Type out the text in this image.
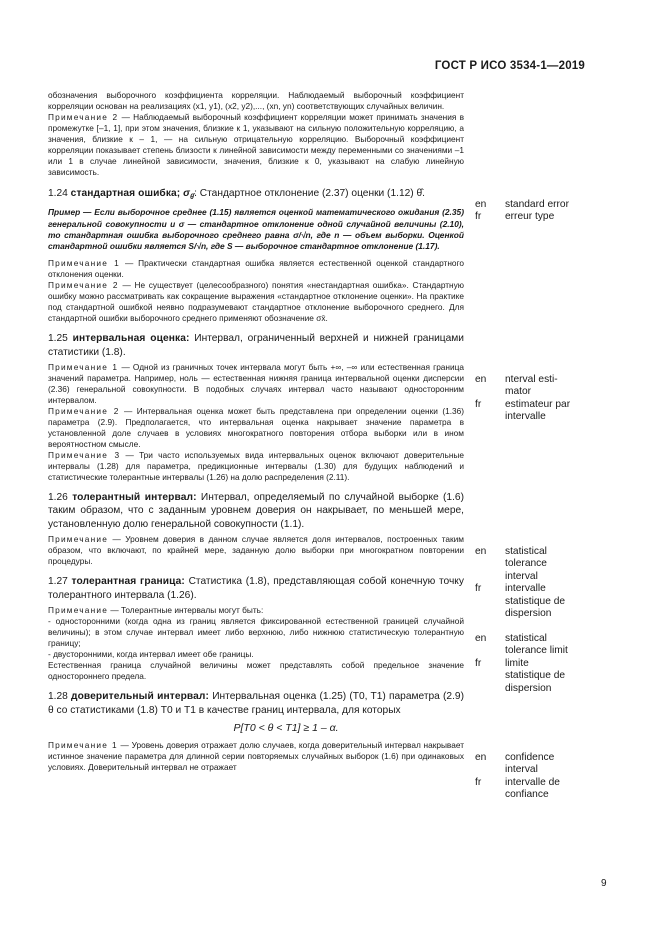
ГОСТ Р ИСО 3534-1—2019

обозначения выборочного коэффициента корреляции. Наблюдаемый выборочный коэффициент корреляции основан на реализациях (x1, y1), (x2, y2),..., (xn, yn) соответствующих случайных величин.

Примечание 2 — Наблюдаемый выборочный коэффициент корреляции может принимать значения в промежутке [–1, 1], при этом значения, близкие к 1, указывают на сильную положительную корреляцию, а значения, близкие к – 1, — на сильную отрицательную корреляцию. Выборочный коэффициент корреляции показывает степень близости к линейной зависимости между переменными со значениями –1 или 1 в случае линейной зависимости, значения, близкие к 0, указывают на слабую линейную зависимость.

1.24 стандартная ошибка; $\sigma_{\thetâ}$: Стандартное отклонение (2.37) оценки (1.12) θ̂.

Пример — Если выборочное среднее (1.15) является оценкой математического ожидания (2.35) генеральной совокупности и σ — стандартное отклонение одной случайной величины (2.10), то стандартная ошибка выборочного среднего равна σ/√n, где n — объем выборки. Оценкой стандартной ошибки является S/√n, где S — выборочное стандартное отклонение (1.17).

Примечание 1 — Практически стандартная ошибка является естественной оценкой стандартного отклонения оценки.

Примечание 2 — Не существует (целесообразного) понятия «нестандартная ошибка». Стандартную ошибку можно рассматривать как сокращение выражения «стандартное отклонение оценки». На практике под стандартной ошибкой неявно подразумевают стандартное отклонение выборочного среднего. Для стандартной ошибки выборочного среднего применяют обозначение σx̄.

1.25 интервальная оценка: Интервал, ограниченный верхней и нижней границами статистики (1.8).

Примечание 1 — Одной из граничных точек интервала могут быть +∞, –∞ или естественная граница значений параметра. Например, ноль — естественная нижняя граница интервальной оценки дисперсии (2.36) генеральной совокупности. В подобных случаях интервал часто называют односторонним интервалом.

Примечание 2 — Интервальная оценка может быть представлена при определении оценки (1.36) параметра (2.9). Предполагается, что интервальная оценка накрывает значение параметра в установленной доле случаев в условиях многократного повторения отбора выборки или в ином вероятностном смысле.

Примечание 3 — Три часто используемых вида интервальных оценок включают доверительные интервалы (1.28) для параметра, предикционные интервалы (1.30) для будущих наблюдений и статистические толерантные интервалы (1.26) на долю распределения (2.11).

1.26 толерантный интервал: Интервал, определяемый по случайной выборке (1.6) таким образом, что с заданным уровнем доверия он накрывает, по меньшей мере, установленную долю генеральной совокупности (1.1).

Примечание — Уровнем доверия в данном случае является доля интервалов, построенных таким образом, что включают, по крайней мере, заданную долю выборки при многократном повторении процедуры.

1.27 толерантная граница: Статистика (1.8), представляющая собой конечную точку толерантного интервала (1.26).

Примечание — Толерантные интервалы могут быть:

- односторонними (когда одна из границ является фиксированной естественной границей случайной величины); в этом случае интервал имеет либо верхнюю, либо нижнюю статистическую толерантную границу;

- двусторонними, когда интервал имеет обе границы.

Естественная граница случайной величины может представлять собой предельное значение одностороннего предела.

1.28 доверительный интервал: Интервальная оценка (1.25) (T0, T1) параметра (2.9) θ со статистиками (1.8) T0 и T1 в качестве границ интервала, для которых
P[T0 < θ < T1] ≥ 1 – α.

Примечание 1 — Уровень доверия отражает долю случаев, когда доверительный интервал накрывает истинное значение параметра для длинной серии повторяемых случайных выборок (1.6) при одинаковых условиях. Доверительный интервал не отражает

en	standard error
fr	erreur type
en	nterval esti-
mator
fr	estimateur par
intervalle
en	statistical
tolerance
interval
fr	intervalle
statistique de
dispersion
en	statistical
tolerance limit
fr	limite
statistique de
dispersion
en	confidence
interval
fr	intervalle de
confiance
9
